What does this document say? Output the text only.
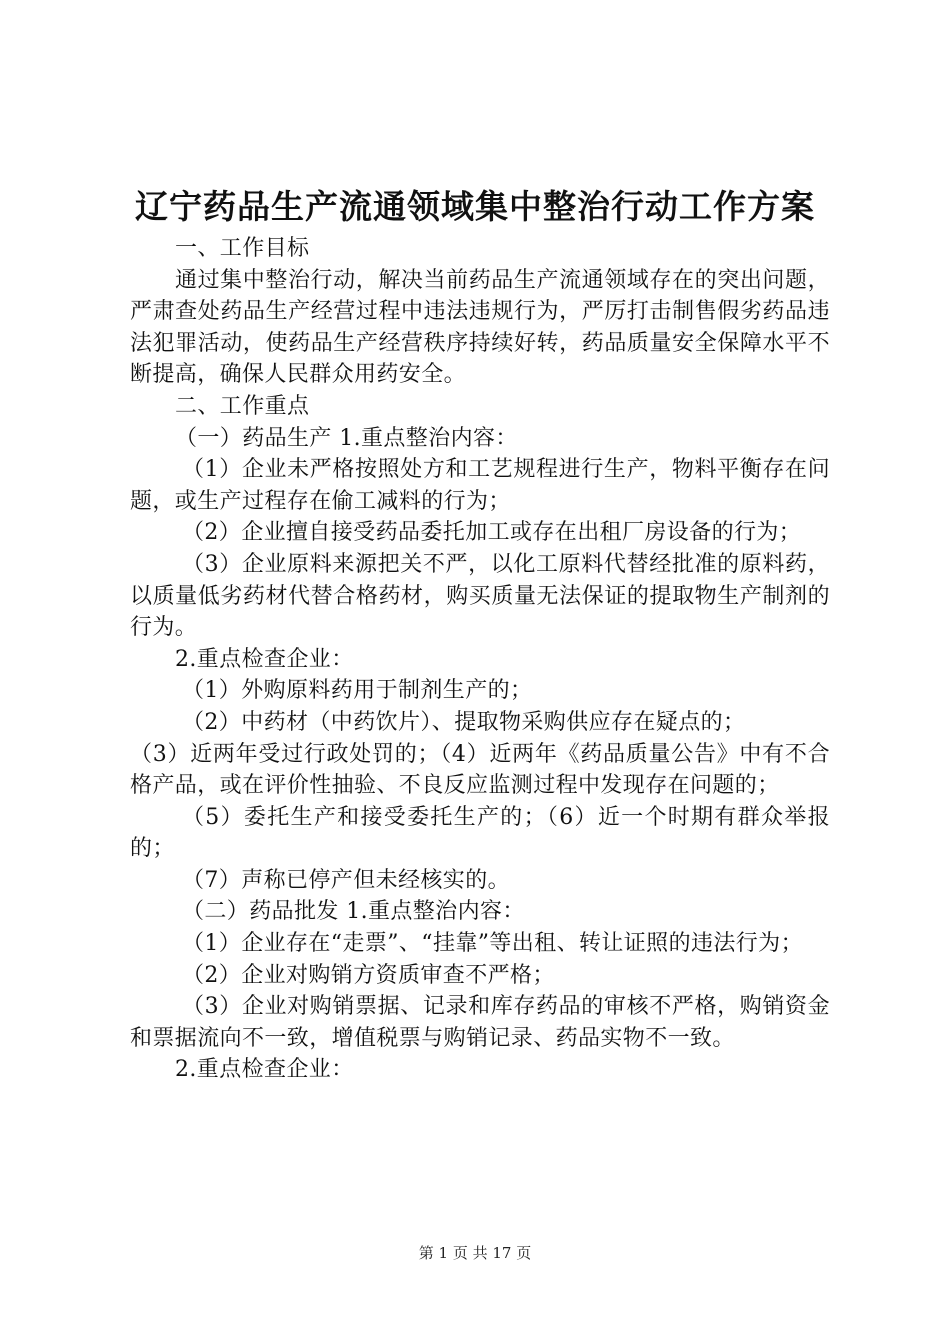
辽宁药品生产流通领域集中整治行动工作方案

一、工作目标

通过集中整治行动，解决当前药品生产流通领域存在的突出问题，严肃查处药品生产经营过程中违法违规行为，严厉打击制售假劣药品违法犯罪活动，使药品生产经营秩序持续好转，药品质量安全保障水平不断提高，确保人民群众用药安全。

二、工作重点

（一）药品生产 1.重点整治内容：

（1）企业未严格按照处方和工艺规程进行生产，物料平衡存在问题，或生产过程存在偷工减料的行为；

（2）企业擅自接受药品委托加工或存在出租厂房设备的行为；

（3）企业原料来源把关不严，以化工原料代替经批准的原料药，以质量低劣药材代替合格药材，购买质量无法保证的提取物生产制剂的行为。

2.重点检查企业：

（1）外购原料药用于制剂生产的；

（2）中药材（中药饮片）、提取物采购供应存在疑点的；

（3）近两年受过行政处罚的；（4）近两年《药品质量公告》中有不合格产品，或在评价性抽验、不良反应监测过程中发现存在问题的；

（5）委托生产和接受委托生产的；（6）近一个时期有群众举报的；

（7）声称已停产但未经核实的。

（二）药品批发 1.重点整治内容：

（1）企业存在“走票”、“挂靠”等出租、转让证照的违法行为；

（2）企业对购销方资质审查不严格；

（3）企业对购销票据、记录和库存药品的审核不严格，购销资金和票据流向不一致，增值税票与购销记录、药品实物不一致。

2.重点检查企业：

第 1 页 共 17 页
